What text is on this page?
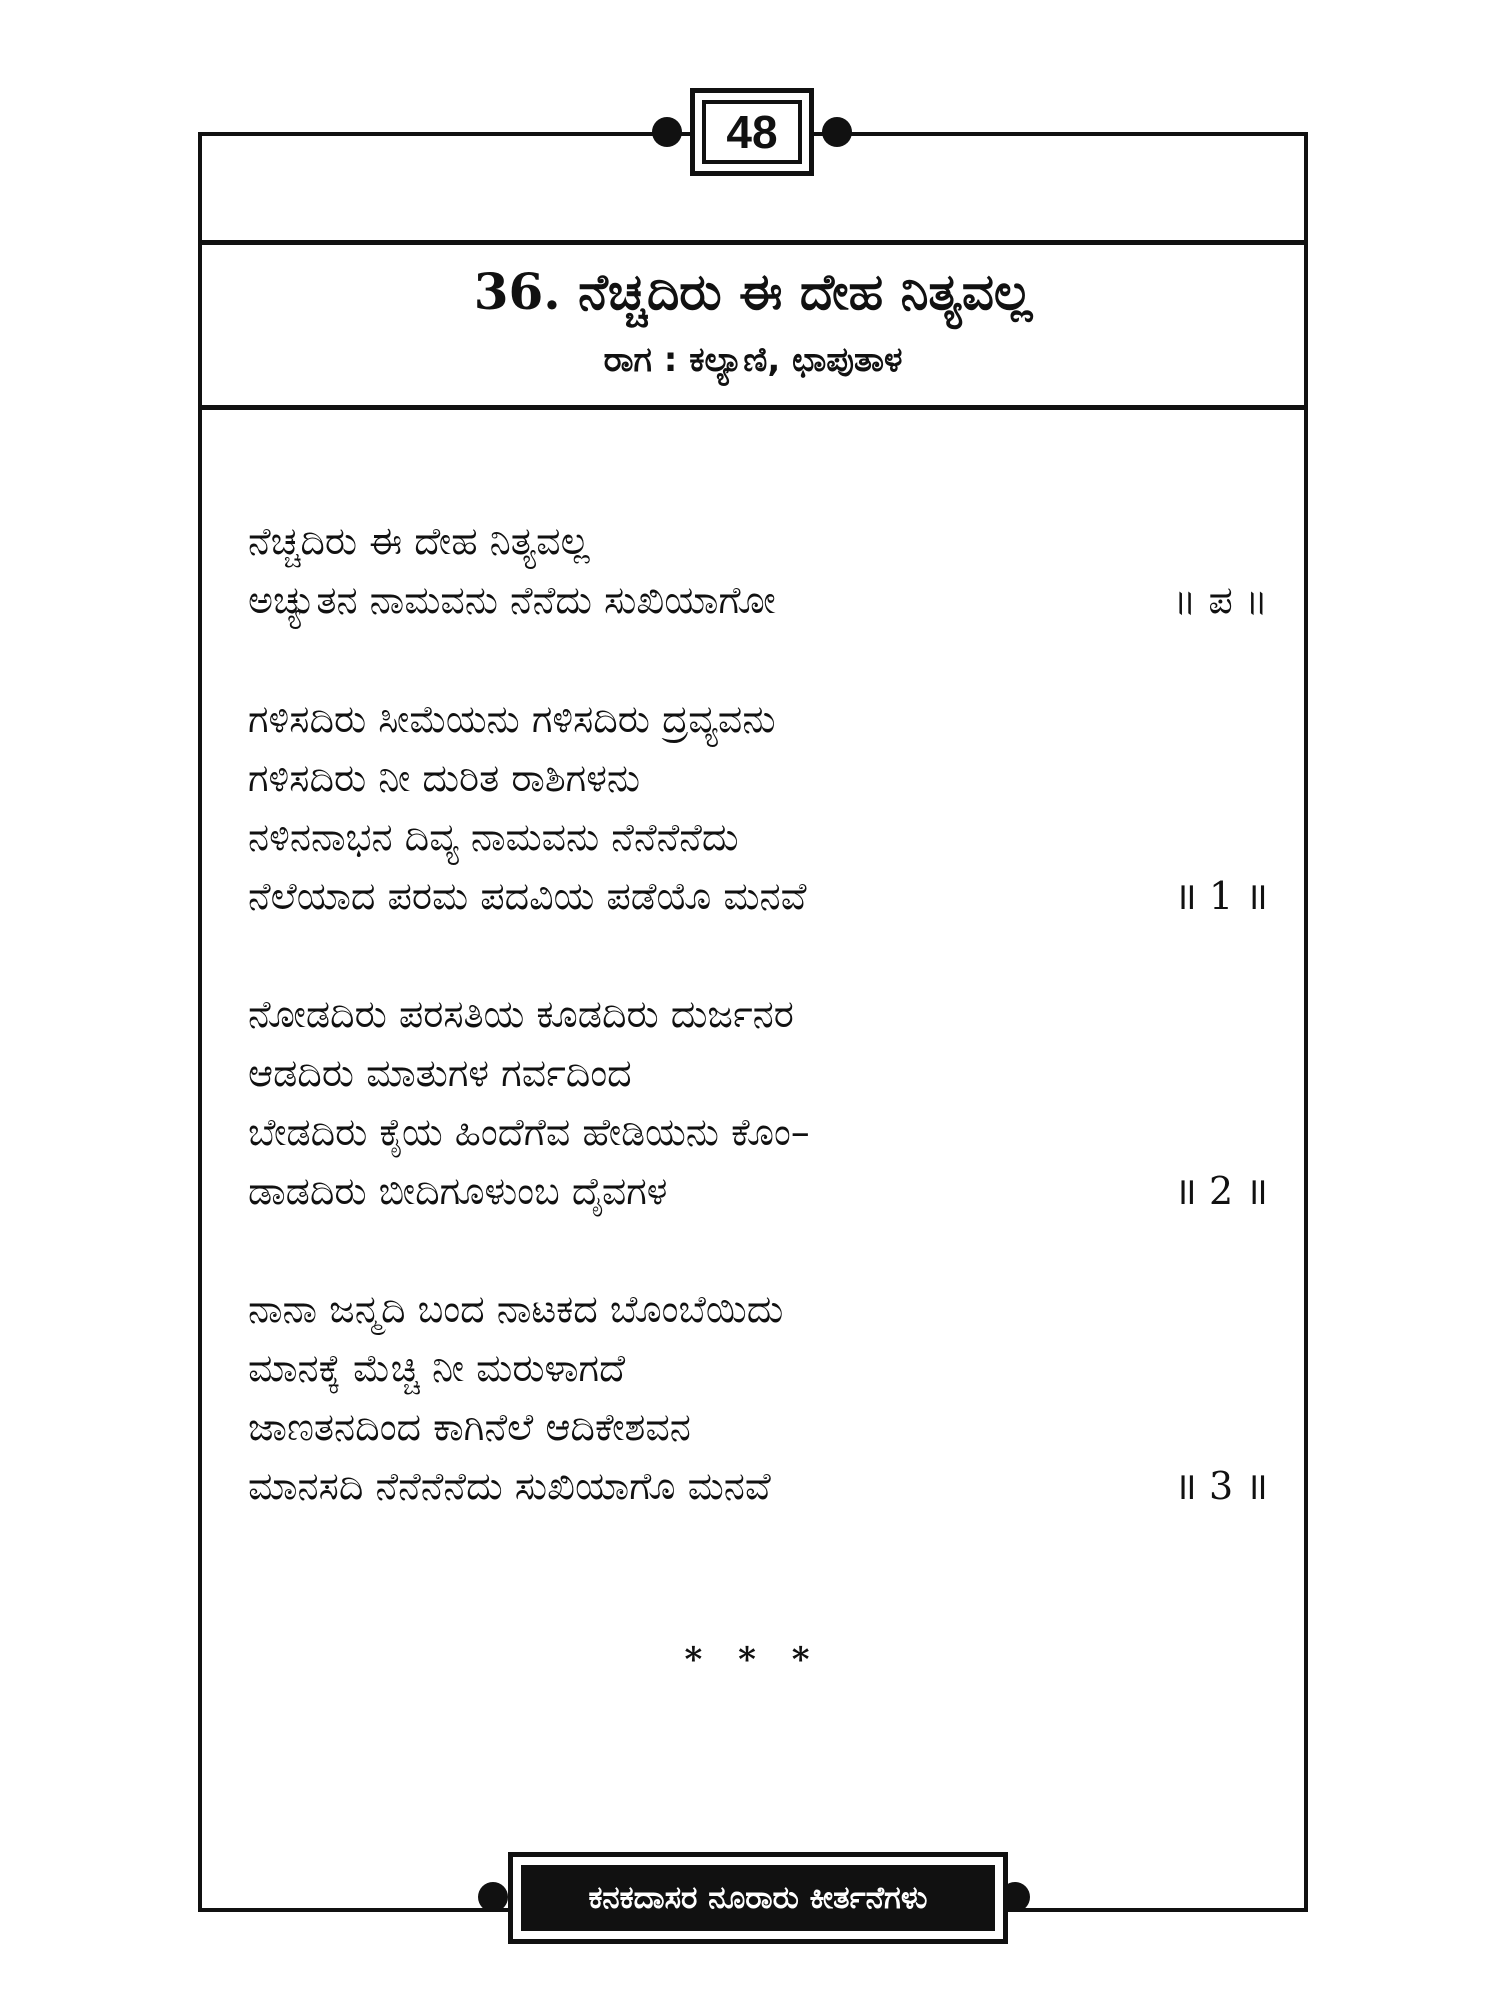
48
36. ನೆಚ್ಚದಿರು ಈ ದೇಹ ನಿತ್ಯವಲ್ಲ
ರಾಗ : ಕಲ್ಯಾಣಿ, ಛಾಪುತಾಳ
ನೆಚ್ಚದಿರು ಈ ದೇಹ ನಿತ್ಯವಲ್ಲ
ಅಚ್ಯುತನ ನಾಮವನು ನೆನೆದು ಸುಖಿಯಾಗೋ	॥ ಪ ॥
ಗಳಿಸದಿರು ಸೀಮೆಯನು ಗಳಿಸದಿರು ದ್ರವ್ಯವನು
ಗಳಿಸದಿರು ನೀ ದುರಿತ ರಾಶಿಗಳನು
ನಳಿನನಾಭನ ದಿವ್ಯ ನಾಮವನು ನೆನೆನೆನೆದು
ನೆಲೆಯಾದ ಪರಮ ಪದವಿಯ ಪಡೆಯೊ ಮನವೆ	॥ 1 ॥
ನೋಡದಿರು ಪರಸತಿಯ ಕೂಡದಿರು ದುರ್ಜನರ
ಆಡದಿರು ಮಾತುಗಳ ಗರ್ವದಿಂದ
ಬೇಡದಿರು ಕೈಯ ಹಿಂದೆಗೆವ ಹೇಡಿಯನು ಕೊಂ–
ಡಾಡದಿರು ಬೀದಿಗೂಳುಂಬ ದೈವಗಳ	॥ 2 ॥
ನಾನಾ ಜನ್ಮದಿ ಬಂದ ನಾಟಕದ ಬೊಂಬೆಯಿದು
ಮಾನಕ್ಕೆ ಮೆಚ್ಚಿ ನೀ ಮರುಳಾಗದೆ
ಜಾಣತನದಿಂದ ಕಾಗಿನೆಲೆ ಆದಿಕೇಶವನ
ಮಾನಸದಿ ನೆನೆನೆನೆದು ಸುಖಿಯಾಗೊ ಮನವೆ	॥ 3 ॥
* * *
ಕನಕದಾಸರ ನೂರಾರು ಕೀರ್ತನೆಗಳು
